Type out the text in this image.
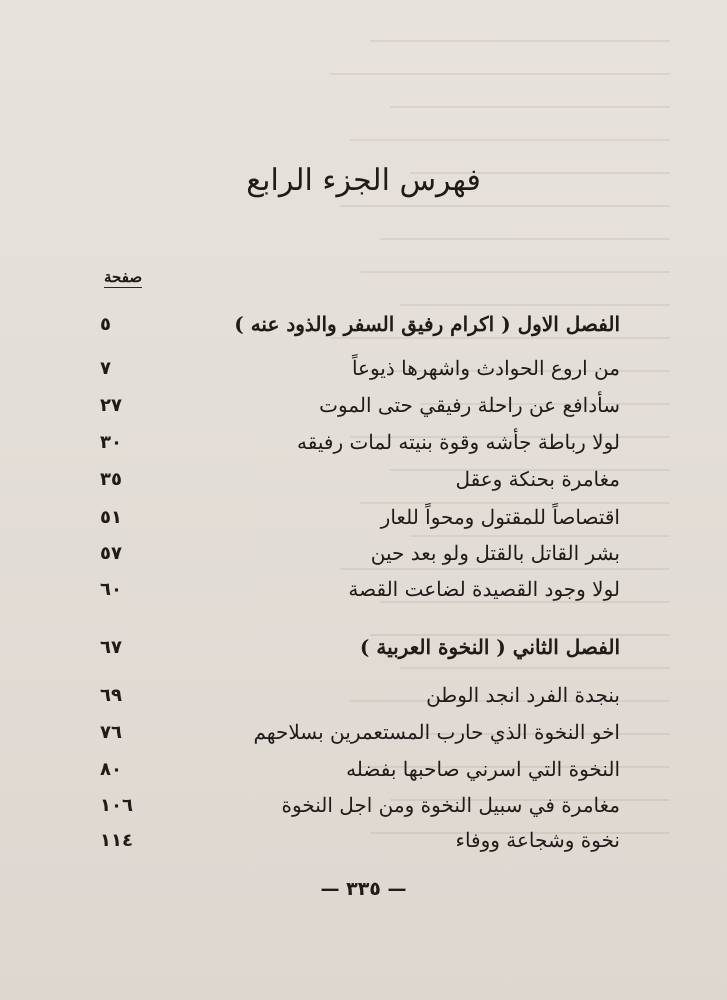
فهرس الجزء الرابع
صفحة
٥	الفصل الاول ( اكرام رفيق السفر والذود عنه )
٧	من اروع الحوادث واشهرها ذيوعاً
٢٧	سأدافع عن راحلة رفيقي حتى الموت
٣٠	لولا رباطة جأشه وقوة بنيته لمات رفيقه
٣٥	مغامرة بحنكة وعقل
٥١	اقتصاصاً للمقتول ومحواً للعار
٥٧	بشر القاتل بالقتل ولو بعد حين
٦٠	لولا وجود القصيدة لضاعت القصة
٦٧	الفصل الثاني ( النخوة العربية )
٦٩	بنجدة الفرد انجد الوطن
٧٦	اخو النخوة الذي حارب المستعمرين بسلاحهم
٨٠	النخوة التي اسرني صاحبها بفضله
١٠٦	مغامرة في سبيل النخوة ومن اجل النخوة
١١٤	نخوة وشجاعة ووفاء
— ٣٣٥ —
